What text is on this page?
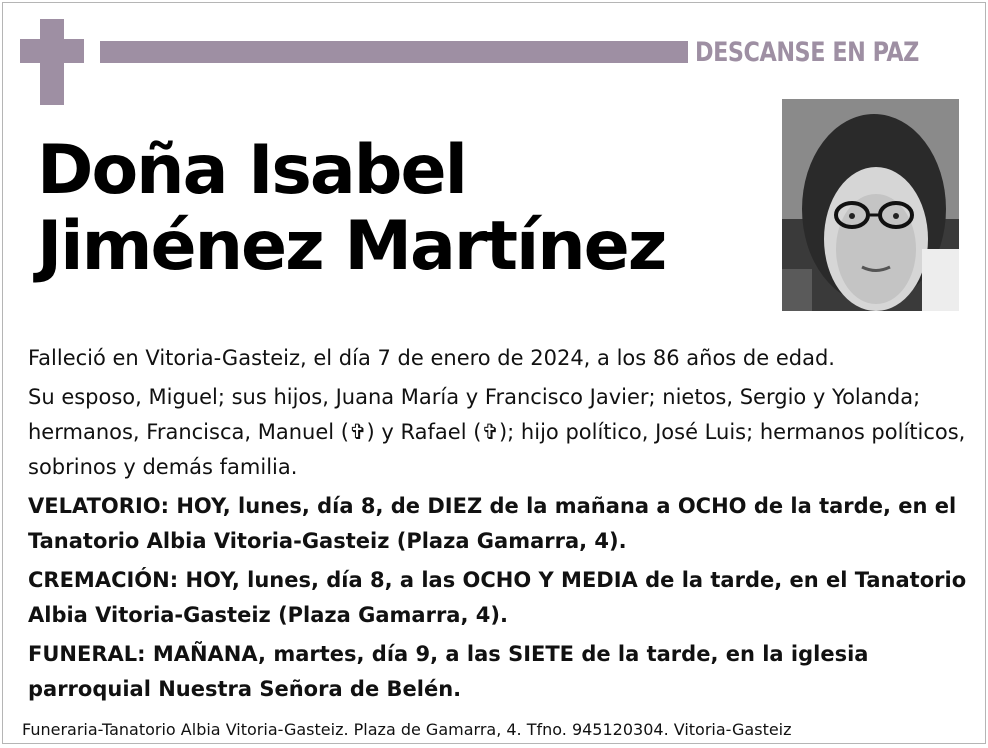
DESCANSE EN PAZ
Doña Isabel
Jiménez Martínez

Falleció en Vitoria-Gasteiz, el día 7 de enero de 2024, a los 86 años de edad.

Su esposo, Miguel; sus hijos, Juana María y Francisco Javier; nietos, Sergio y Yolanda; hermanos, Francisca, Manuel (✞) y Rafael (✞); hijo político, José Luis; hermanos políticos, sobrinos y demás familia.

VELATORIO: HOY, lunes, día 8, de DIEZ de la mañana a OCHO de la tarde, en el Tanatorio Albia Vitoria-Gasteiz (Plaza Gamarra, 4).

CREMACIÓN: HOY, lunes, día 8, a las OCHO Y MEDIA de la tarde, en el Tanatorio Albia Vitoria-Gasteiz (Plaza Gamarra, 4).

FUNERAL: MAÑANA, martes, día 9, a las SIETE de la tarde, en la iglesia parroquial Nuestra Señora de Belén.

Funeraria-Tanatorio Albia Vitoria-Gasteiz. Plaza de Gamarra, 4. Tfno. 945120304. Vitoria-Gasteiz
